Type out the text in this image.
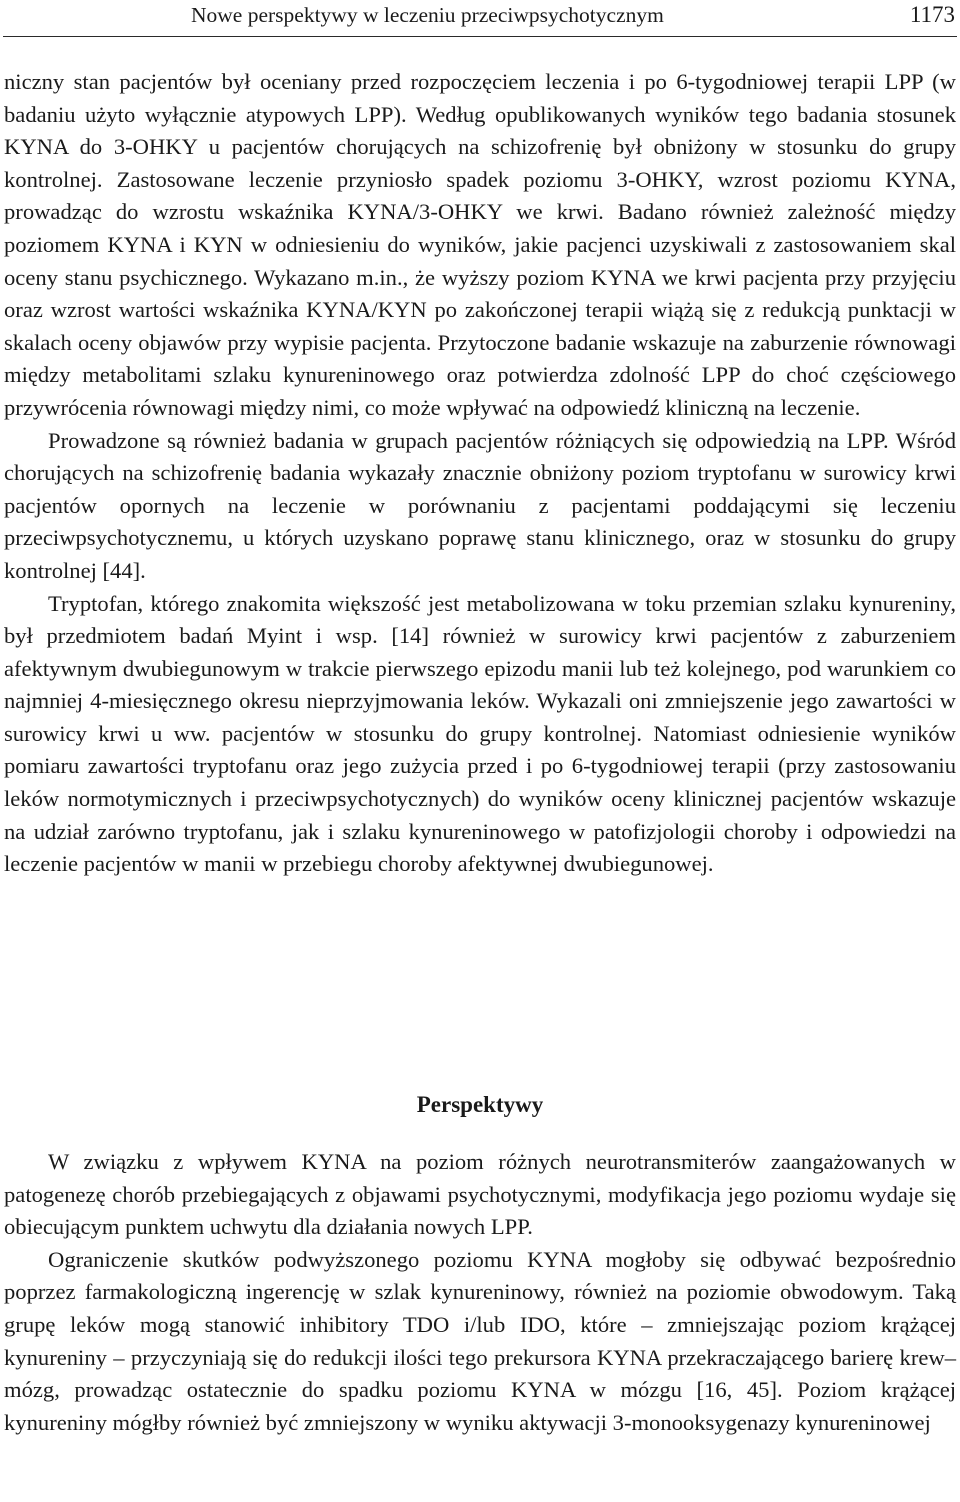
Nowe perspektywy w leczeniu przeciwpsychotycznym	1173

niczny stan pacjentów był oceniany przed rozpoczęciem leczenia i po 6-tygodniowej terapii LPP (w badaniu użyto wyłącznie atypowych LPP). Według opublikowanych wyników tego badania stosunek KYNA do 3-OHKY u pacjentów chorujących na schizofrenię był obniżony w stosunku do grupy kontrolnej. Zastosowane leczenie przyniosło spadek poziomu 3-OHKY, wzrost poziomu KYNA, prowadząc do wzrostu wskaźnika KYNA/3-OHKY we krwi. Badano również zależność między poziomem KYNA i KYN w odniesieniu do wyników, jakie pacjenci uzyskiwali z zastosowaniem skal oceny stanu psychicznego. Wykazano m.in., że wyższy poziom KYNA we krwi pacjenta przy przyjęciu oraz wzrost wartości wskaźnika KYNA/KYN po zakończonej terapii wiążą się z redukcją punktacji w skalach oceny objawów przy wypisie pacjenta. Przytoczone badanie wskazuje na zaburzenie równowagi między metabolitami szlaku kynureninowego oraz potwierdza zdolność LPP do choć częściowego przywrócenia równowagi między nimi, co może wpływać na odpowiedź kliniczną na leczenie.

Prowadzone są również badania w grupach pacjentów różniących się odpowiedzią na LPP. Wśród chorujących na schizofrenię badania wykazały znacznie obniżony poziom tryptofanu w surowicy krwi pacjentów opornych na leczenie w porównaniu z pacjentami poddającymi się leczeniu przeciwpsychotycznemu, u których uzyskano poprawę stanu klinicznego, oraz w stosunku do grupy kontrolnej [44].

Tryptofan, którego znakomita większość jest metabolizowana w toku przemian szlaku kynureniny, był przedmiotem badań Myint i wsp. [14] również w surowicy krwi pacjentów z zaburzeniem afektywnym dwubiegunowym w trakcie pierwszego epizodu manii lub też kolejnego, pod warunkiem co najmniej 4-miesięcznego okresu nieprzyjmowania leków. Wykazali oni zmniejszenie jego zawartości w surowicy krwi u ww. pacjentów w stosunku do grupy kontrolnej. Natomiast odniesienie wyników pomiaru zawartości tryptofanu oraz jego zużycia przed i po 6-tygodniowej terapii (przy zastosowaniu leków normotymicznych i przeciwpsychotycznych) do wyników oceny klinicznej pacjentów wskazuje na udział zarówno tryptofanu, jak i szlaku kynureninowego w patofizjologii choroby i odpowiedzi na leczenie pacjentów w manii w przebiegu choroby afektywnej dwubiegunowej.

Perspektywy

W związku z wpływem KYNA na poziom różnych neurotransmiterów zaangażowanych w patogenezę chorób przebiegających z objawami psychotycznymi, modyfikacja jego poziomu wydaje się obiecującym punktem uchwytu dla działania nowych LPP.

Ograniczenie skutków podwyższonego poziomu KYNA mogłoby się odbywać bezpośrednio poprzez farmakologiczną ingerencję w szlak kynureninowy, również na poziomie obwodowym. Taką grupę leków mogą stanowić inhibitory TDO i/lub IDO, które – zmniejszając poziom krążącej kynureniny – przyczyniają się do redukcji ilości tego prekursora KYNA przekraczającego barierę krew–mózg, prowadząc ostatecznie do spadku poziomu KYNA w mózgu [16, 45]. Poziom krążącej kynureniny mógłby również być zmniejszony w wyniku aktywacji 3-monooksygenazy kynureninowej
